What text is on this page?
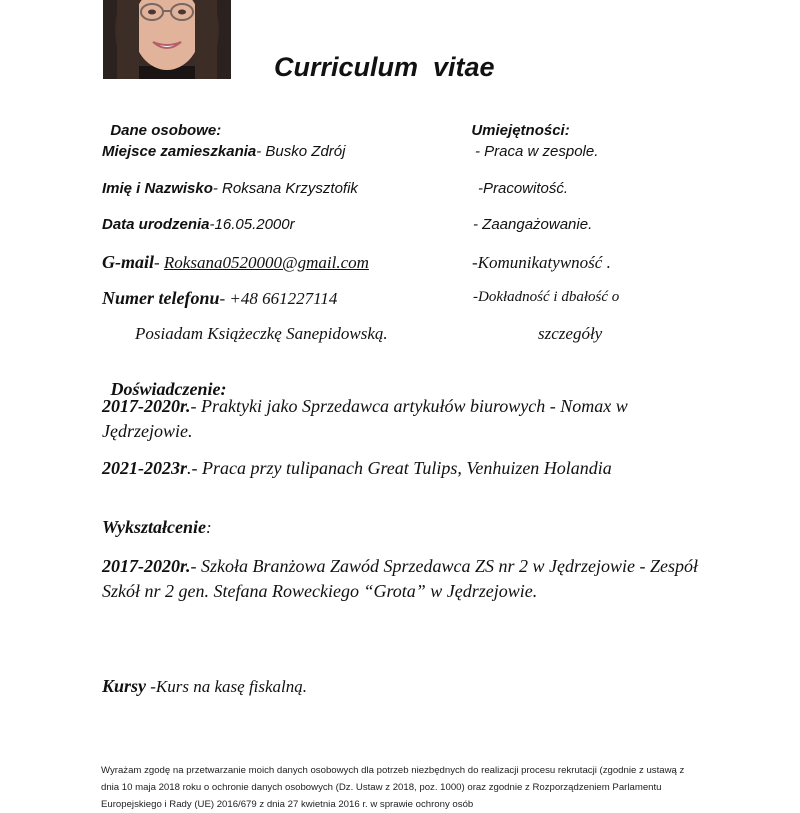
Curriculum  vitae

Dane osobowe:

Miejsce zamieszkania- Busko Zdrój
Imię i Nazwisko- Roksana Krzysztofik
Data urodzenia-16.05.2000r
G-mail- Roksana0520000@gmail.com
Numer telefonu- +48 661227114
Posiadam Książeczkę Sanepidowską.

Umiejętności:

- Praca w zespole.
-Pracowitość.
- Zaangażowanie.
-Komunikatywność .
-Dokładność i dbałość o
szczegóły

Doświadczenie:

2017-2020r.- Praktyki jako Sprzedawca artykułów biurowych - Nomax w Jędrzejowie.

2021-2023r.- Praca przy tulipanach Great Tulips, Venhuizen Holandia

Wykształcenie:

2017-2020r.- Szkoła Branżowa Zawód Sprzedawca ZS nr 2 w Jędrzejowie - Zespół Szkół nr 2 gen. Stefana Roweckiego “Grota” w Jędrzejowie.

Kursy -Kurs na kasę fiskalną.

Wyrażam zgodę na przetwarzanie moich danych osobowych dla potrzeb niezbędnych do realizacji procesu rekrutacji (zgodnie z ustawą z dnia 10 maja 2018 roku o ochronie danych osobowych (Dz. Ustaw z 2018, poz. 1000) oraz zgodnie z Rozporządzeniem Parlamentu Europejskiego i Rady (UE) 2016/679 z dnia 27 kwietnia 2016 r. w sprawie ochrony osób
